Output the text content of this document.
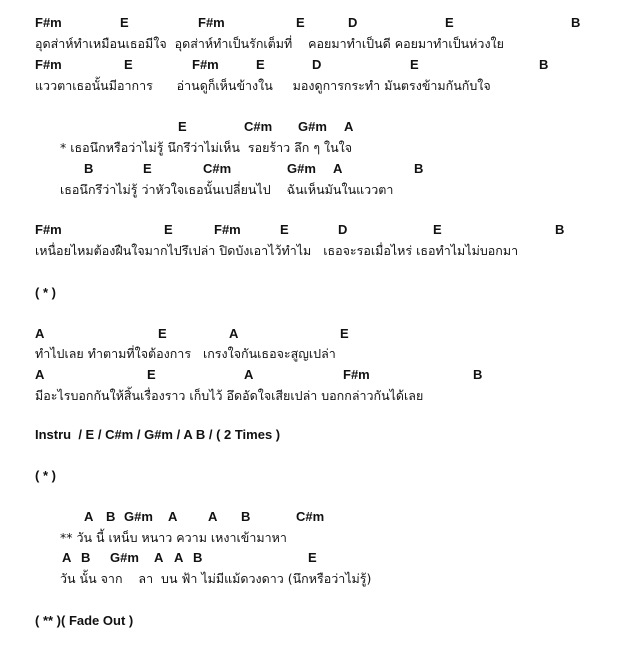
F#m	E	F#m	E	D	E	B
อุดส่าห์ทำเหมือนเธอมีใจ  อุดส่าห์ทำเป็นรักเต็มที่    คอยมาทำเป็นดี คอยมาทำเป็นห่วงใย
F#m	E	F#m	E	D	E	B
แววตาเธอนั้นมีอาการ      อ่านดูก็เห็นข้างใน     มองดูการกระทำ มันตรงข้ามกันกับใจ
E	C#m G#m A
* เธอนึกหรือว่าไม่รู้ นึกรึว่าไม่เห็น  รอยร้าว ลึก ๆ ในใจ
B	E	C#m	G#m A	B
เธอนึกรึว่าไม่รู้ ว่าหัวใจเธอนั้นเปลี่ยนไป    ฉันเห็นมันในแววตา
F#m	E	F#m	E	D	E	B
เหนื่อยไหมต้องฝืนใจมากไปรึเปล่า ปิดบังเอาไว้ทำไม   เธอจะรอเมื่อไหร่ เธอทำไมไม่บอกมา
( * )
A	E	A	E
ทำไปเลย ทำตามที่ใจต้องการ   เกรงใจกันเธอจะสูญเปล่า
A	E	A	F#m	B
มีอะไรบอกกันให้สิ้นเรื่องราว เก็บไว้ อึดอัดใจเสียเปล่า บอกกล่าวกันได้เลย
Instru  / E / C#m / G#m / A B / ( 2 Times )
( * )
A B G#m A A B	C#m
** วัน นี้ เหน็บ หนาว ความ เหงาเข้ามาหา
A B G#m A A B	E
วัน นั้น จาก    ลา  บน ฟ้า ไม่มีแม้ดวงดาว (นึกหรือว่าไม่รู้)
( ** )( Fade Out )
